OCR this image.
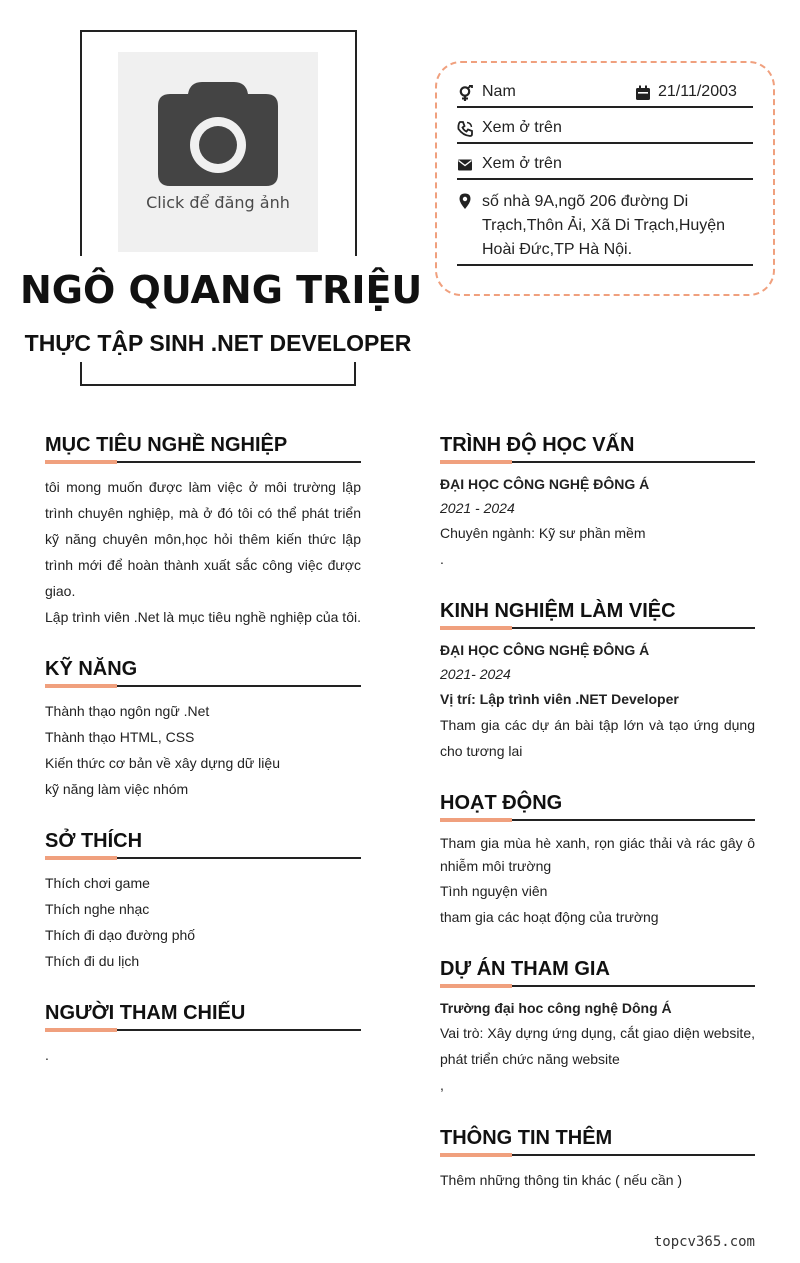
Click để đăng ảnh
NGÔ QUANG TRIỆU
THỰC TẬP SINH .NET DEVELOPER
Nam	21/11/2003
Xem ở trên
Xem ở trên
số nhà 9A,ngõ 206 đường Di Trạch,Thôn Ải, Xã Di Trạch,Huyện Hoài Đức,TP Hà Nội.
MỤC TIÊU NGHỀ NGHIỆP
tôi mong muốn được làm việc ở môi trường lập trình chuyên nghiệp, mà ở đó tôi có thể phát triển kỹ năng chuyên môn,học hỏi thêm kiến thức lập trình mới để hoàn thành xuất sắc công việc được giao.
Lập trình viên .Net là mục tiêu nghề nghiệp của tôi.
KỸ NĂNG
Thành thạo ngôn ngữ .Net
Thành thạo HTML, CSS
Kiến thức cơ bản về xây dựng dữ liệu
kỹ năng làm việc nhóm
SỞ THÍCH
Thích chơi game
Thích nghe nhạc
Thích đi dạo đường phố
Thích đi du lịch
NGƯỜI THAM CHIẾU
.
TRÌNH ĐỘ HỌC VẤN
ĐẠI HỌC CÔNG NGHỆ ĐÔNG Á
2021 - 2024
Chuyên ngành: Kỹ sư phần mềm
.
KINH NGHIỆM LÀM VIỆC
ĐẠI HỌC CÔNG NGHỆ ĐÔNG Á
2021- 2024
Vị trí: Lập trình viên .NET Developer
Tham gia các dự án bài tập lớn và tạo ứng dụng cho tương lai
HOẠT ĐỘNG
Tham gia mùa hè xanh, rọn giác thải và rác gây ô nhiễm môi trường
Tình nguyện viên
tham gia các hoạt động của trường
DỰ ÁN THAM GIA
Trường đại hoc công nghệ Dông Á
Vai trò: Xây dựng ứng dụng, cắt giao diện website, phát triển chức năng website
,
THÔNG TIN THÊM
Thêm những thông tin khác ( nếu cần )
topcv365.com
